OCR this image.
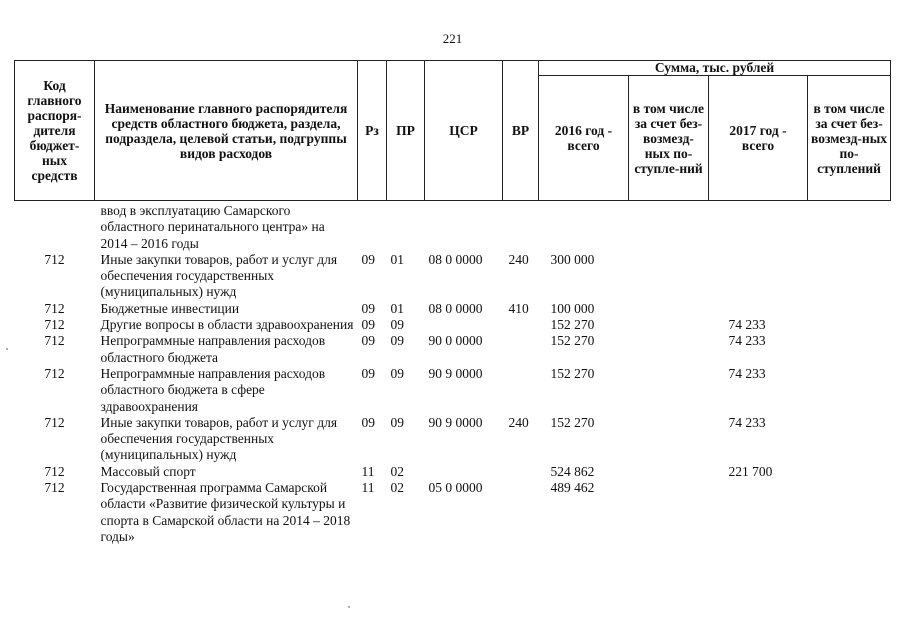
221
Код главного распоря-дителя бюджет-ных средств	Наименование главного распорядителя средств областного бюджета, раздела, подраздела, целевой статьи, подгруппы видов расходов	Рз	ПР	ЦСР	ВР	Сумма, тыс. рублей			
						2016 год - всего	в том числе за счет без-возмезд-ных по-ступле-ний	2017 год - всего	в том числе за счет без-возмезд-ных по-ступлений
	ввод в эксплуатацию Самарского областного перинатального центра» на 2014 – 2016 годы								
712	Иные закупки товаров, работ и услуг для обеспечения государственных (муниципальных) нужд	09	01	08 0 0000	240	300 000			
712	Бюджетные инвестиции	09	01	08 0 0000	410	100 000			
712	Другие вопросы в области здравоохранения	09	09			152 270		74 233	
712	Непрограммные направления расходов областного бюджета	09	09	90 0 0000		152 270		74 233	
712	Непрограммные направления расходов областного бюджета в сфере здравоохранения	09	09	90 9 0000		152 270		74 233	
712	Иные закупки товаров, работ и услуг для обеспечения государственных (муниципальных) нужд	09	09	90 9 0000	240	152 270		74 233	
712	Массовый спорт	11	02			524 862		221 700	
712	Государственная программа Самарской области «Развитие физической культуры и спорта в Самарской области на 2014 – 2018 годы»	11	02	05 0 0000		489 462			
